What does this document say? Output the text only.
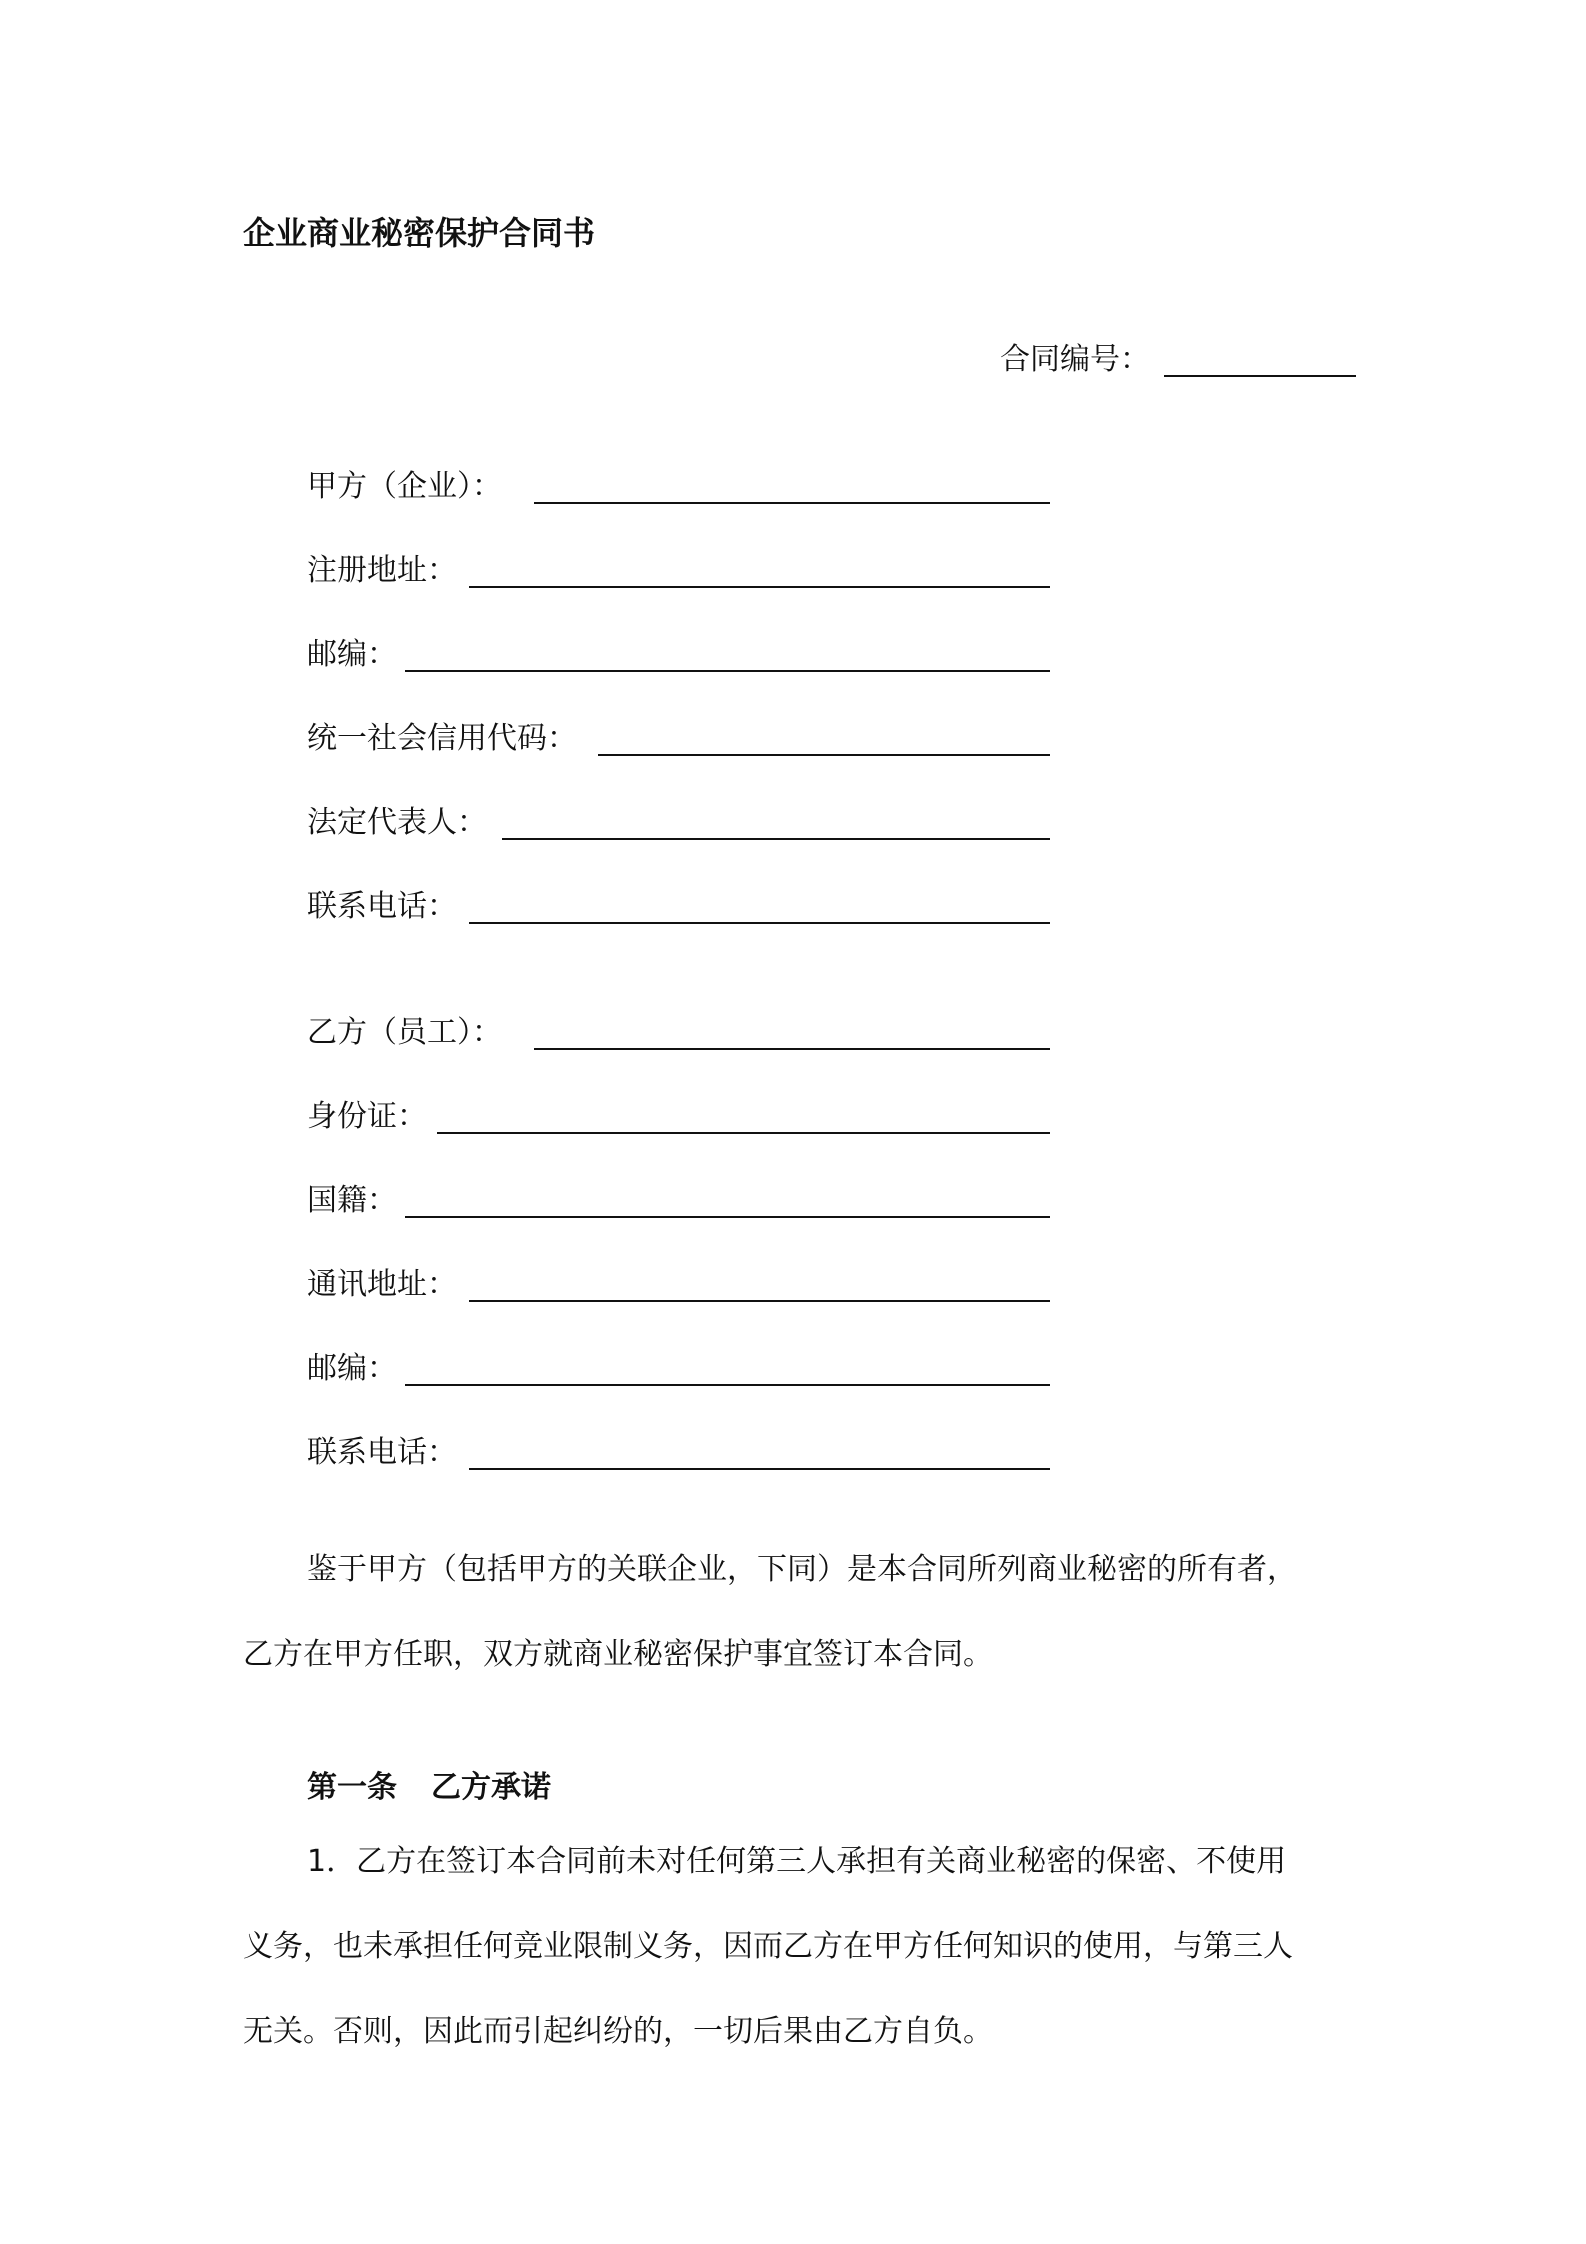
企业商业秘密保护合同书
合同编号：
甲方（企业）：
注册地址：
邮编：
统一社会信用代码：
法定代表人：
联系电话：
乙方（员工）：
身份证：
国籍：
通讯地址：
邮编：
联系电话：
鉴于甲方（包括甲方的关联企业，下同）是本合同所列商业秘密的所有者，
乙方在甲方任职，双方就商业秘密保护事宜签订本合同。
第一条 乙方承诺
1．乙方在签订本合同前未对任何第三人承担有关商业秘密的保密、不使用
义务，也未承担任何竞业限制义务，因而乙方在甲方任何知识的使用，与第三人
无关。否则，因此而引起纠纷的，一切后果由乙方自负。
